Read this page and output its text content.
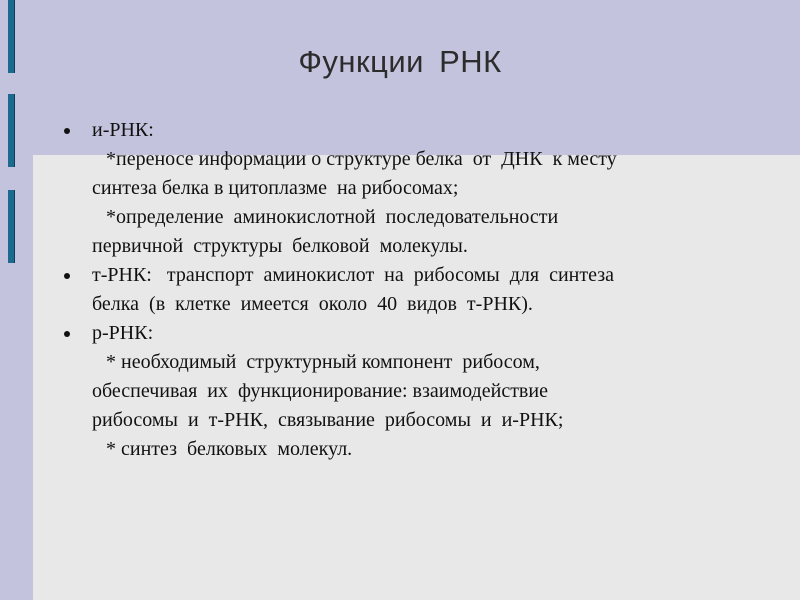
Функции РНК
и-РНК:
*переносе информации о структуре белка  от  ДНК  к месту
синтеза белка в цитоплазме  на рибосомах;
*определение  аминокислотной  последовательности
первичной  структуры  белковой  молекулы.
т-РНК:   транспорт  аминокислот  на  рибосомы  для  синтеза
белка  (в  клетке  имеется  около  40  видов  т-РНК).
р-РНК:
* необходимый  структурный компонент  рибосом,
обеспечивая  их  функционирование: взаимодействие
рибосомы  и  т-РНК,  связывание  рибосомы  и  и-РНК;
* синтез  белковых  молекул.
